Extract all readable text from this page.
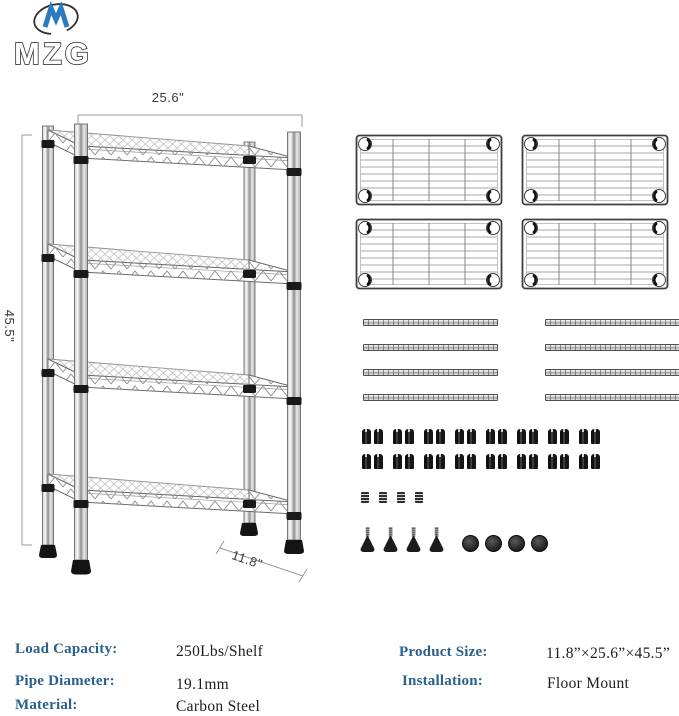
MZG
25.6"
45.5"
11.8"
Load Capacity:	250Lbs/Shelf
Pipe Diameter:	19.1mm
Material:	Carbon Steel
Product Size:	11.8”×25.6”×45.5”
Installation:	Floor Mount
